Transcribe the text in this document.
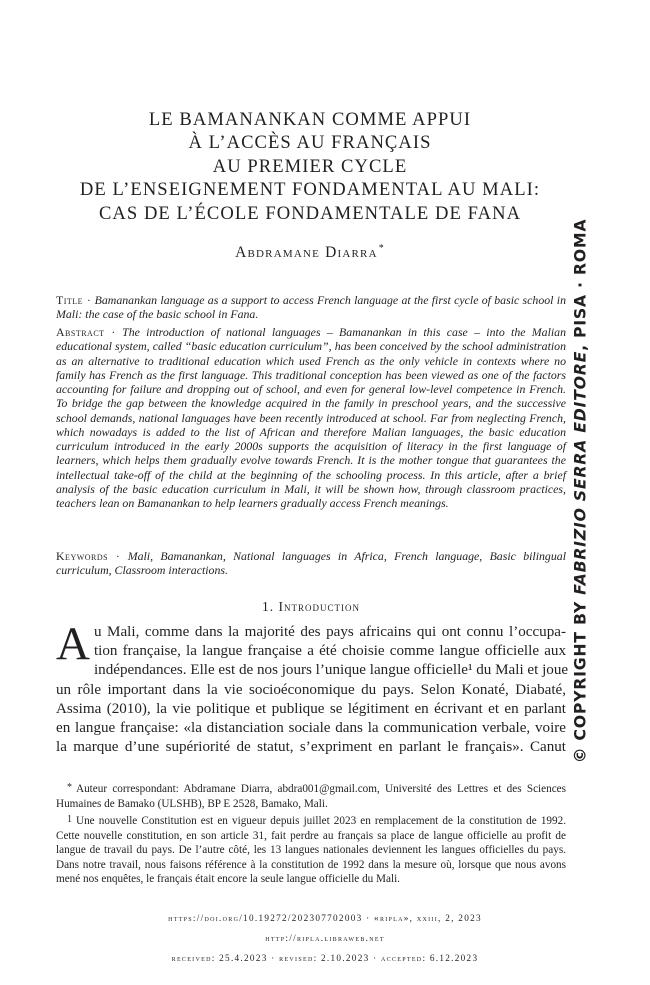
LE BAMANANKAN COMME APPUI
À L’ACCÈS AU FRANÇAIS
AU PREMIER CYCLE
DE L’ENSEIGNEMENT FONDAMENTAL AU MALI:
CAS DE L’ÉCOLE FONDAMENTALE DE FANA
Abdramane Diarra*
Title · Bamanankan language as a support to access French language at the first cycle of basic school in Mali: the case of the basic school in Fana.
Abstract · The introduction of national languages – Bamanankan in this case – into the Malian educational system, called “basic education curriculum”, has been conceived by the school administration as an alternative to traditional education which used French as the only vehicle in contexts where no family has French as the first language. This traditional conception has been viewed as one of the factors accounting for failure and dropping out of school, and even for general low-level competence in French. To bridge the gap between the knowledge acquired in the family in preschool years, and the successive school demands, national languages have been recently introduced at school. Far from neglecting French, which nowadays is added to the list of African and therefore Malian languages, the basic education curriculum introduced in the early 2000s supports the acquisition of literacy in the first language of learners, which helps them gradually evolve towards French. It is the mother tongue that guarantees the intellectual take-off of the child at the beginning of the schooling process. In this article, after a brief analysis of the basic education curriculum in Mali, it will be shown how, through classroom practices, teachers lean on Bamanankan to help learners gradually access French meanings.
Keywords · Mali, Bamanankan, National languages in Africa, French language, Basic bilingual curriculum, Classroom interactions.
1. Introduction
A u Mali, comme dans la majorité des pays africains qui ont connu l’occupa-
tion française, la langue française a été choisie comme langue officielle aux
indépendances. Elle est de nos jours l’unique langue officielle¹ du Mali et joue
un rôle important dans la vie socioéconomique du pays. Selon Konaté, Diabaté,
Assima (2010), la vie politique et publique se légitiment en écrivant et en parlant
en langue française: «la distanciation sociale dans la communication verbale, voire
la marque d’une supériorité de statut, s’expriment en parlant le français». Canut
* Auteur correspondant: Abdramane Diarra, abdra001@gmail.com, Université des Lettres et des Sciences Humaines de Bamako (ULSHB), BP E 2528, Bamako, Mali.
1 Une nouvelle Constitution est en vigueur depuis juillet 2023 en remplacement de la constitution de 1992. Cette nouvelle constitution, en son article 31, fait perdre au français sa place de langue officielle au profit de langue de travail du pays. De l’autre côté, les 13 langues nationales deviennent les langues officielles du pays. Dans notre travail, nous faisons référence à la constitution de 1992 dans la mesure où, lorsque que nous avons mené nos enquêtes, le français était encore la seule langue officielle du Mali.
https://doi.org/10.19272/202307702003 · «ripla», xxiii, 2, 2023
http://ripla.libraweb.net
received: 25.4.2023 · revised: 2.10.2023 · accepted: 6.12.2023
© COPYRIGHT BY FABRIZIO SERRA EDITORE, PISA · ROMA
